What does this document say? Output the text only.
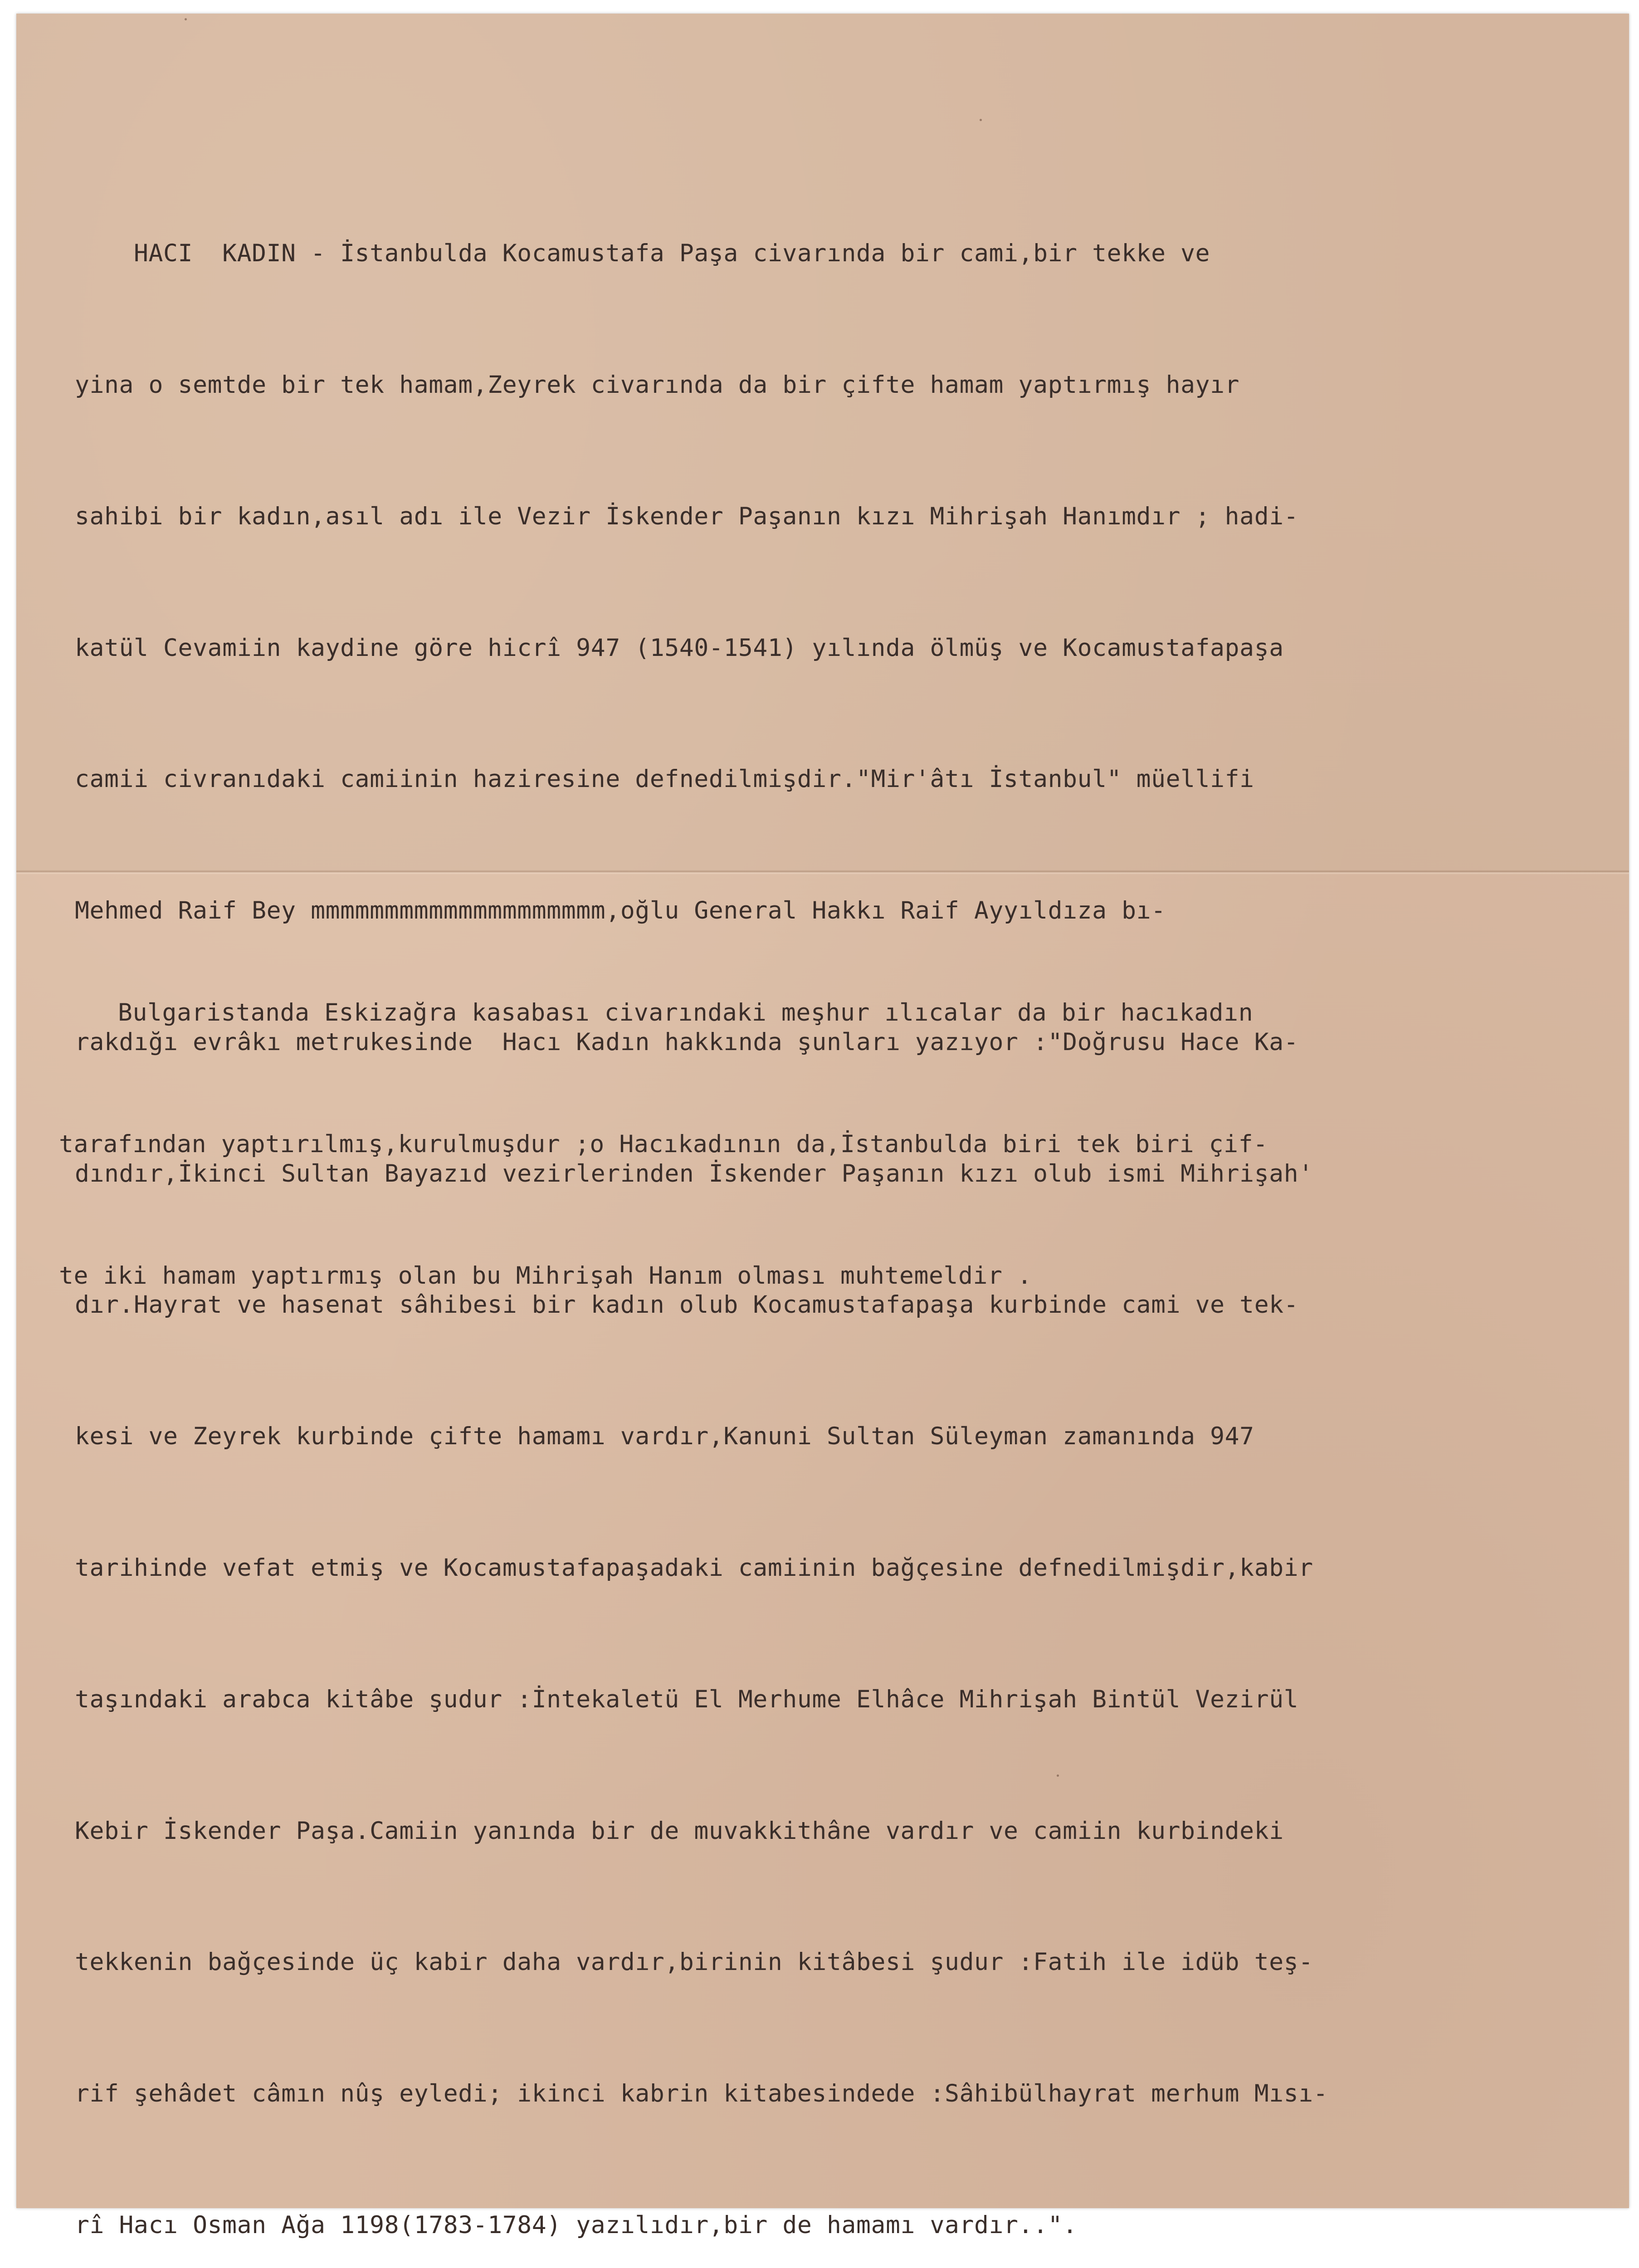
HACI  KADIN - İstanbulda Kocamustafa Paşa civarında bir cami,bir tekke ve

yina o semtde bir tek hamam,Zeyrek civarında da bir çifte hamam yaptırmış hayır

sahibi bir kadın,asıl adı ile Vezir İskender Paşanın kızı Mihrişah Hanımdır ; hadi-

katül Cevamiin kaydine göre hicrî 947 (1540-1541) yılında ölmüş ve Kocamustafapaşa

camii civranıdaki camiinin haziresine defnedilmişdir."Mir'âtı İstanbul" müellifi

Mehmed Raif Bey mmmmmmmmmmmmmmmmmmmm,oğlu General Hakkı Raif Ayyıldıza bı-

rakdığı evrâkı metrukesinde  Hacı Kadın hakkında şunları yazıyor :"Doğrusu Hace Ka-

dındır,İkinci Sultan Bayazıd vezirlerinden İskender Paşanın kızı olub ismi Mihrişah'

dır.Hayrat ve hasenat sâhibesi bir kadın olub Kocamustafapaşa kurbinde cami ve tek-

kesi ve Zeyrek kurbinde çifte hamamı vardır,Kanuni Sultan Süleyman zamanında 947

tarihinde vefat etmiş ve Kocamustafapaşadaki camiinin bağçesine defnedilmişdir,kabir

taşındaki arabca kitâbe şudur :İntekaletü El Merhume Elhâce Mihrişah Bintül Vezirül

Kebir İskender Paşa.Camiin yanında bir de muvakkithâne vardır ve camiin kurbindeki

tekkenin bağçesinde üç kabir daha vardır,birinin kitâbesi şudur :Fatih ile idüb teş-

rif şehâdet câmın nûş eyledi; ikinci kabrin kitabesindede :Sâhibülhayrat merhum Mısı-

rî Hacı Osman Ağa 1198(1783-1784) yazılıdır,bir de hamamı vardır..".

Bulgaristanda Eskizağra kasabası civarındaki meşhur ılıcalar da bir hacıkadın

tarafından yaptırılmış,kurulmuşdur ;o Hacıkadının da,İstanbulda biri tek biri çif-

te iki hamam yaptırmış olan bu Mihrişah Hanım olması muhtemeldir .
